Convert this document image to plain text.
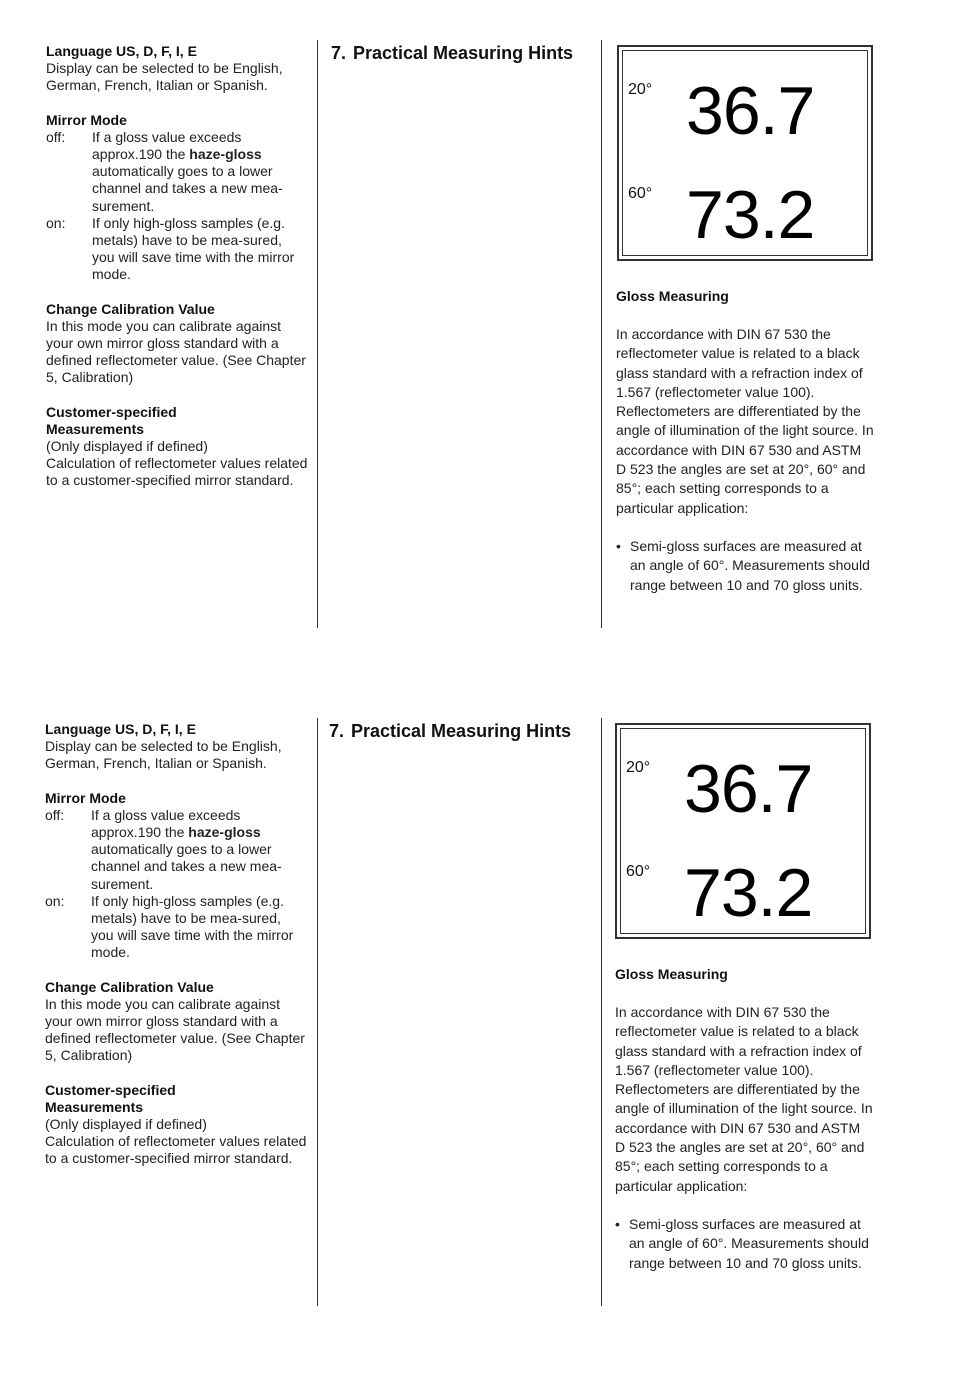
Language US, D, F, I, E
Display can be selected to be English, German, French, Italian or Spanish.
Mirror Mode
off:	If a gloss value exceeds approx.190 the haze-gloss automatically goes to a lower channel and takes a new mea-surement.
on:	If only high-gloss samples (e.g. metals) have to be mea-sured, you will save time with the mirror mode.
Change Calibration Value
In this mode you can calibrate against your own mirror gloss standard with a defined reflectometer value. (See Chapter 5, Calibration)
Customer-specified
Measurements
(Only displayed if defined)
Calculation of reflectometer values related to a customer-specified mirror standard.
7. Practical Measuring Hints
20° 36.7
60° 73.2
Gloss Measuring

In accordance with DIN 67 530 the reflectometer value is related to a black glass standard with a refraction index of 1.567 (reflectometer value 100). Reflectometers are differentiated by the angle of illumination of the light source. In accordance with DIN 67 530 and ASTM D 523 the angles are set at 20°, 60° and 85°; each setting corresponds to a particular application:

• Semi-gloss surfaces are measured at an angle of 60°. Measurements should range between 10 and 70 gloss units.
Language US, D, F, I, E
Display can be selected to be English, German, French, Italian or Spanish.
Mirror Mode
off:	If a gloss value exceeds approx.190 the haze-gloss automatically goes to a lower channel and takes a new mea-surement.
on:	If only high-gloss samples (e.g. metals) have to be mea-sured, you will save time with the mirror mode.
Change Calibration Value
In this mode you can calibrate against your own mirror gloss standard with a defined reflectometer value. (See Chapter 5, Calibration)
Customer-specified
Measurements
(Only displayed if defined)
Calculation of reflectometer values related to a customer-specified mirror standard.
7. Practical Measuring Hints
20° 36.7
60° 73.2
Gloss Measuring

In accordance with DIN 67 530 the reflectometer value is related to a black glass standard with a refraction index of 1.567 (reflectometer value 100). Reflectometers are differentiated by the angle of illumination of the light source. In accordance with DIN 67 530 and ASTM D 523 the angles are set at 20°, 60° and 85°; each setting corresponds to a particular application:

• Semi-gloss surfaces are measured at an angle of 60°. Measurements should range between 10 and 70 gloss units.
